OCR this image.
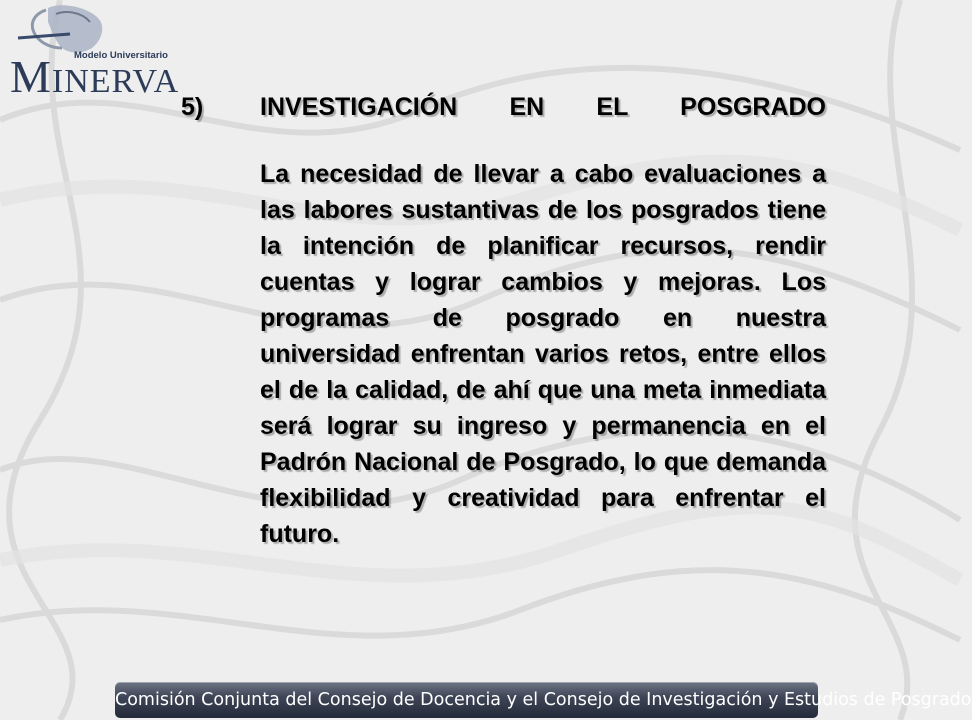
Modelo Universitario
MINERVA
5) INVESTIGACIÓN EN EL POSGRADO
La necesidad de llevar a cabo evaluaciones a las labores sustantivas de los posgrados tiene la intención de planificar recursos, rendir cuentas y lograr cambios y mejoras. Los programas de posgrado en nuestra universidad enfrentan varios retos, entre ellos el de la calidad, de ahí que una meta inmediata será lograr su ingreso y permanencia en el Padrón Nacional de Posgrado, lo que demanda flexibilidad y creatividad para enfrentar el futuro.
Comisión Conjunta del Consejo de Docencia y el Consejo de Investigación y Estudios de Posgrado
